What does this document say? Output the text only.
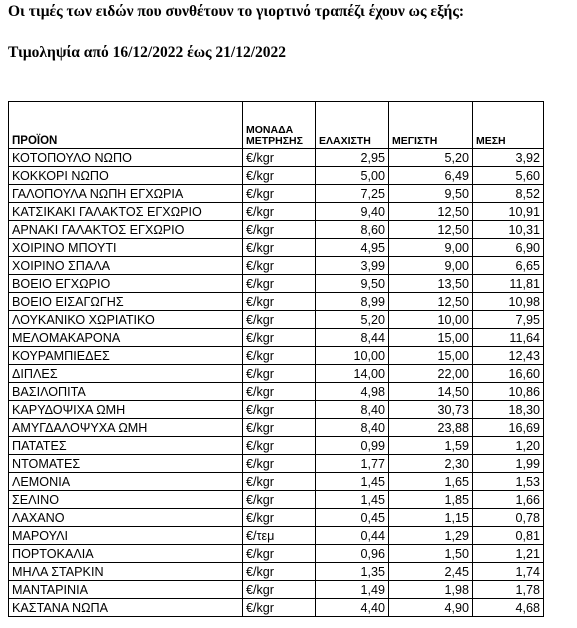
Οι τιμές των ειδών που συνθέτουν το γιορτινό τραπέζι έχουν ως εξής:
Τιμοληψία από 16/12/2022 έως 21/12/2022
ΠΡΟΪΟΝ	ΜΟΝΑΔΑ ΜΕΤΡΗΣΗΣ	ΕΛΑΧΙΣΤΗ	ΜΕΓΙΣΤΗ	ΜΕΣΗ
ΚΟΤΟΠΟΥΛΟ ΝΩΠΟ	€/kgr	2,95	5,20	3,92
ΚΟΚΚΟΡΙ ΝΩΠΟ	€/kgr	5,00	6,49	5,60
ΓΑΛΟΠΟΥΛΑ ΝΩΠΗ ΕΓΧΩΡΙΑ	€/kgr	7,25	9,50	8,52
ΚΑΤΣΙΚΑΚΙ ΓΑΛΑΚΤΟΣ ΕΓΧΩΡΙΟ	€/kgr	9,40	12,50	10,91
ΑΡΝΑΚΙ ΓΑΛΑΚΤΟΣ ΕΓΧΩΡΙΟ	€/kgr	8,60	12,50	10,31
ΧΟΙΡΙΝΟ ΜΠΟΥΤΙ	€/kgr	4,95	9,00	6,90
ΧΟΙΡΙΝΟ ΣΠΑΛΑ	€/kgr	3,99	9,00	6,65
ΒΟΕΙΟ ΕΓΧΩΡΙΟ	€/kgr	9,50	13,50	11,81
ΒΟΕΙΟ ΕΙΣΑΓΩΓΗΣ	€/kgr	8,99	12,50	10,98
ΛΟΥΚΑΝΙΚΟ ΧΩΡΙΑΤΙΚΟ	€/kgr	5,20	10,00	7,95
ΜΕΛΟΜΑΚΑΡΟΝΑ	€/kgr	8,44	15,00	11,64
ΚΟΥΡΑΜΠΙΕΔΕΣ	€/kgr	10,00	15,00	12,43
ΔΙΠΛΕΣ	€/kgr	14,00	22,00	16,60
ΒΑΣΙΛΟΠΙΤΑ	€/kgr	4,98	14,50	10,86
ΚΑΡΥΔΟΨΙΧΑ ΩΜΗ	€/kgr	8,40	30,73	18,30
ΑΜΥΓΔΑΛΟΨΥΧΑ ΩΜΗ	€/kgr	8,40	23,88	16,69
ΠΑΤΑΤΕΣ	€/kgr	0,99	1,59	1,20
ΝΤΟΜΑΤΕΣ	€/kgr	1,77	2,30	1,99
ΛΕΜΟΝΙΑ	€/kgr	1,45	1,65	1,53
ΣΕΛΙΝΟ	€/kgr	1,45	1,85	1,66
ΛΑΧΑΝΟ	€/kgr	0,45	1,15	0,78
ΜΑΡΟΥΛΙ	€/τεμ	0,44	1,29	0,81
ΠΟΡΤΟΚΑΛΙΑ	€/kgr	0,96	1,50	1,21
ΜΗΛΑ ΣΤΑΡΚΙΝ	€/kgr	1,35	2,45	1,74
ΜΑΝΤΑΡΙΝΙΑ	€/kgr	1,49	1,98	1,78
ΚΑΣΤΑΝΑ ΝΩΠΑ	€/kgr	4,40	4,90	4,68
